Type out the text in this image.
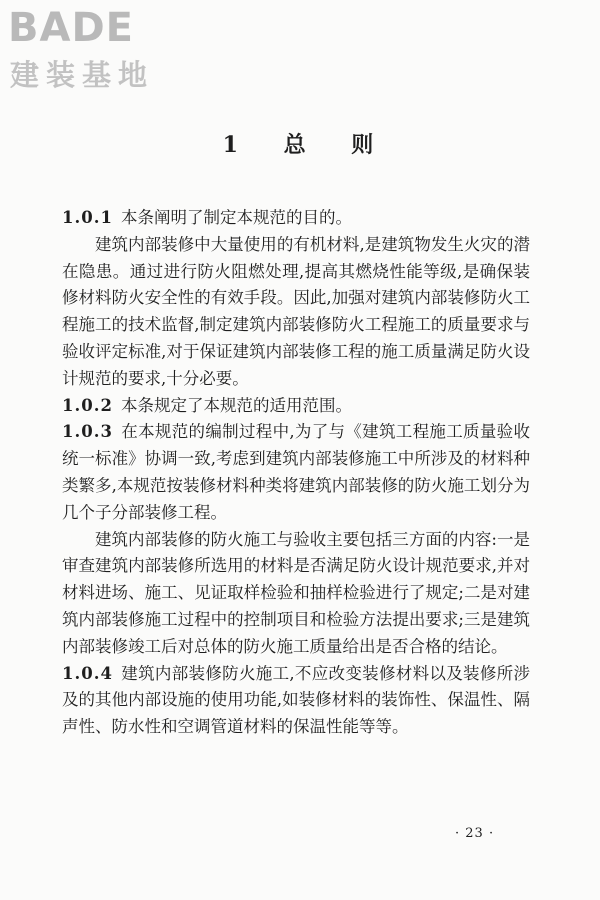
BADE
建装基地
1 总 则

1.0.1 本条阐明了制定本规范的目的。

建筑内部装修中大量使用的有机材料,是建筑物发生火灾的潜在隐患。通过进行防火阻燃处理,提高其燃烧性能等级,是确保装修材料防火安全性的有效手段。因此,加强对建筑内部装修防火工程施工的技术监督,制定建筑内部装修防火工程施工的质量要求与验收评定标准,对于保证建筑内部装修工程的施工质量满足防火设计规范的要求,十分必要。

1.0.2 本条规定了本规范的适用范围。

1.0.3 在本规范的编制过程中,为了与《建筑工程施工质量验收统一标准》协调一致,考虑到建筑内部装修施工中所涉及的材料种类繁多,本规范按装修材料种类将建筑内部装修的防火施工划分为几个子分部装修工程。

建筑内部装修的防火施工与验收主要包括三方面的内容:一是审查建筑内部装修所选用的材料是否满足防火设计规范要求,并对材料进场、施工、见证取样检验和抽样检验进行了规定;二是对建筑内部装修施工过程中的控制项目和检验方法提出要求;三是建筑内部装修竣工后对总体的防火施工质量给出是否合格的结论。

1.0.4 建筑内部装修防火施工,不应改变装修材料以及装修所涉及的其他内部设施的使用功能,如装修材料的装饰性、保温性、隔声性、防水性和空调管道材料的保温性能等等。

· 23 ·
